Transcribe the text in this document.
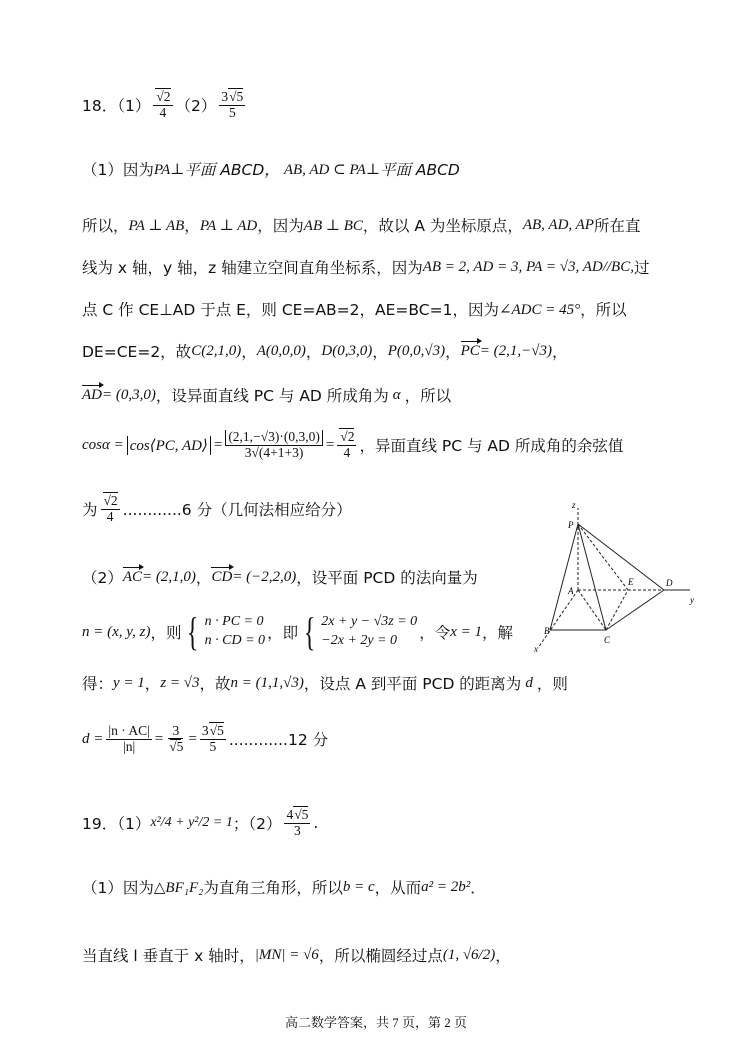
18．$(1) \frac{√2}{4} (2) \frac{3√5}{5}$
（1）因为 PA⊥ 平面 ABCD， AB, AD ⊂ PA⊥ 平面 ABCD
所以， PA ⊥ AB ， PA ⊥ AD ，因为 AB ⊥ BC ，故以 A 为坐标原点， AB, AD, AP 所在直
线为 x 轴，y 轴，z 轴建立空间直角坐标系，因为 AB = 2, AD = 3, PA = √3, AD//BC, 过
点 C 作 CE⊥AD 于点 E，则 CE=AB=2，AE=BC=1，因为 ∠ADC = 45° ，所以
DE=CE=2，故 C(2,1,0) ， A(0,0,0) ， D(0,3,0) ， P(0,0,√3) ， PC = (2,1,−√3) ，
AD = (0,3,0) ，设异面直线 PC 与 AD 所成角为 α ，所以
cosα = cos⟨PC, AD⟩ = $\frac{(2,1,-√3)\cdot(0,3,0)}{3√(4+1+3)} = \frac{√2}{4}$ ，异面直线 PC 与 AD 所成角的余弦值
为 $\frac{√2}{4} ............6$ 分（几何法相应给分）
（2） AC = (2,1,0) ， CD = (−2,2,0) ，设平面 PCD 的法向量为
n = (x, y, z) ，则 { n · PC = 0
n · CD = 0 ，即 { 2x + y − √3z = 0
−2x + 2y = 0	，令 x = 1 ，解
得： y = 1 ， z = √3 ，故 n = (1,1,√3) ，设点 A 到平面 PCD 的距离为 d ，则
$d = \frac{|n \cdot AC|}{|n|} = \frac{3}{√5} = \frac{3√5}{5} ............12$ 分
19．（1） x²/4 + y²/2 = 1 ；$(2) \frac{4√5}{3}$ .
（1）因为 △BF₁F₂ 为直角三角形，所以 b = c ，从而 a² = 2b² ．
当直线 l 垂直于 x 轴时， |MN| = √6 ，所以椭圆经过点 (1, √6/2) ，
z
P
A
E	D
y
B
C
x
高二数学答案，共 7 页，第 2 页
